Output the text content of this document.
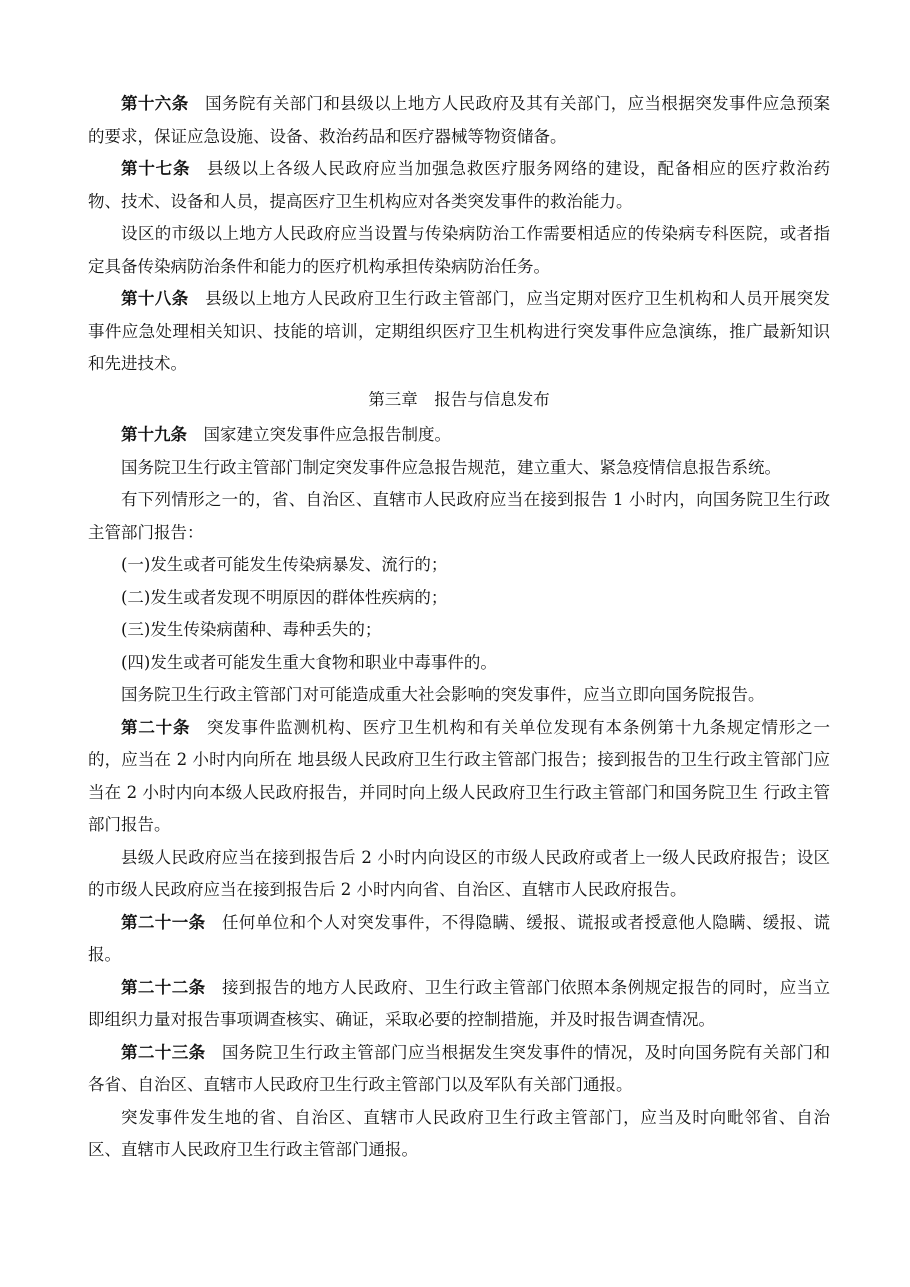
第十六条 国务院有关部门和县级以上地方人民政府及其有关部门，应当根据突发事件应急预案的要求，保证应急设施、设备、救治药品和医疗器械等物资储备。

第十七条 县级以上各级人民政府应当加强急救医疗服务网络的建设，配备相应的医疗救治药物、技术、设备和人员，提高医疗卫生机构应对各类突发事件的救治能力。

设区的市级以上地方人民政府应当设置与传染病防治工作需要相适应的传染病专科医院，或者指定具备传染病防治条件和能力的医疗机构承担传染病防治任务。

第十八条 县级以上地方人民政府卫生行政主管部门，应当定期对医疗卫生机构和人员开展突发事件应急处理相关知识、技能的培训，定期组织医疗卫生机构进行突发事件应急演练，推广最新知识和先进技术。

第三章 报告与信息发布

第十九条 国家建立突发事件应急报告制度。

国务院卫生行政主管部门制定突发事件应急报告规范，建立重大、紧急疫情信息报告系统。

有下列情形之一的，省、自治区、直辖市人民政府应当在接到报告 1 小时内，向国务院卫生行政主管部门报告：

(一)发生或者可能发生传染病暴发、流行的；

(二)发生或者发现不明原因的群体性疾病的；

(三)发生传染病菌种、毒种丢失的；

(四)发生或者可能发生重大食物和职业中毒事件的。

国务院卫生行政主管部门对可能造成重大社会影响的突发事件，应当立即向国务院报告。

第二十条 突发事件监测机构、医疗卫生机构和有关单位发现有本条例第十九条规定情形之一的，应当在 2 小时内向所在 地县级人民政府卫生行政主管部门报告；接到报告的卫生行政主管部门应当在 2 小时内向本级人民政府报告，并同时向上级人民政府卫生行政主管部门和国务院卫生 行政主管部门报告。

县级人民政府应当在接到报告后 2 小时内向设区的市级人民政府或者上一级人民政府报告；设区的市级人民政府应当在接到报告后 2 小时内向省、自治区、直辖市人民政府报告。

第二十一条 任何单位和个人对突发事件，不得隐瞒、缓报、谎报或者授意他人隐瞒、缓报、谎报。

第二十二条 接到报告的地方人民政府、卫生行政主管部门依照本条例规定报告的同时，应当立即组织力量对报告事项调查核实、确证，采取必要的控制措施，并及时报告调查情况。

第二十三条 国务院卫生行政主管部门应当根据发生突发事件的情况，及时向国务院有关部门和各省、自治区、直辖市人民政府卫生行政主管部门以及军队有关部门通报。

突发事件发生地的省、自治区、直辖市人民政府卫生行政主管部门，应当及时向毗邻省、自治区、直辖市人民政府卫生行政主管部门通报。
